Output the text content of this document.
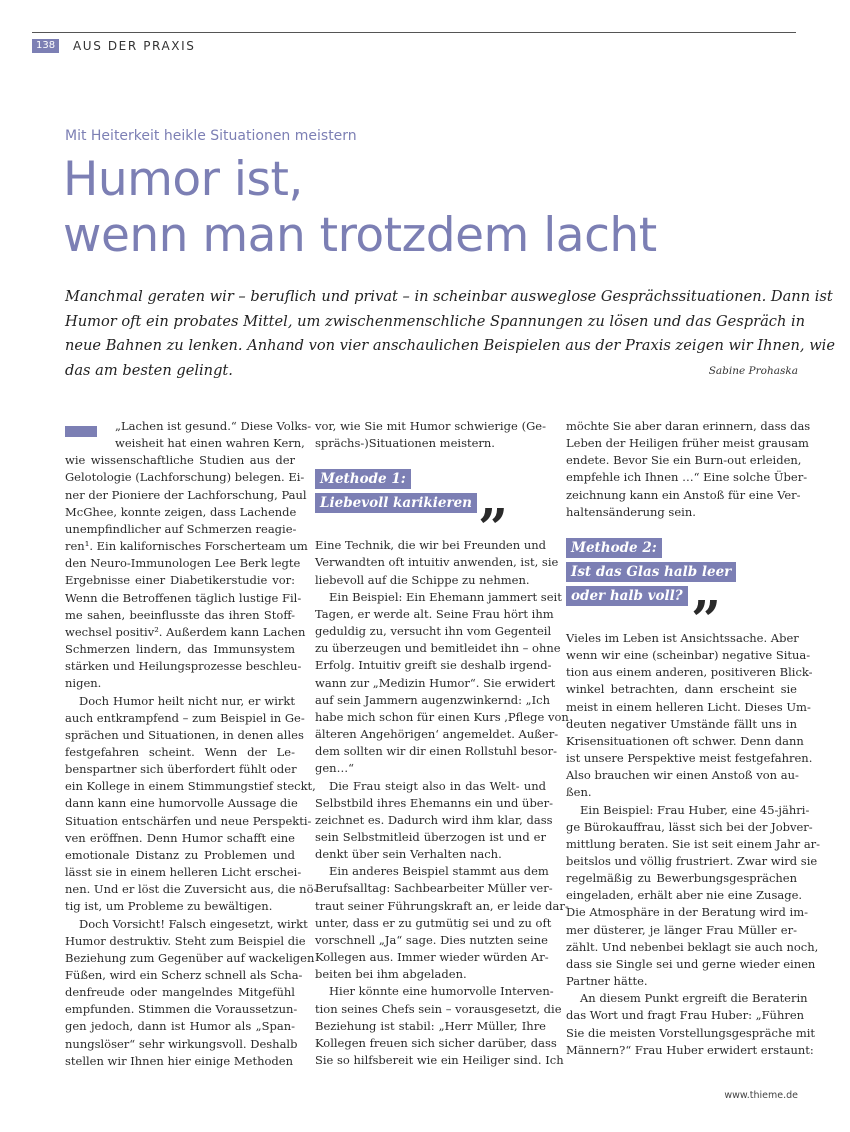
138	AUS DER PRAXIS
Mit Heiterkeit heikle Situationen meistern
Humor ist,
wenn man trotzdem lacht

Manchmal geraten wir – beruflich und privat – in scheinbar ausweglose Gesprächssituationen. Dann ist
Humor oft ein probates Mittel, um zwischenmenschliche Spannungen zu lösen und das Gespräch in
neue Bahnen zu lenken. Anhand von vier anschaulichen Beispielen aus der Praxis zeigen wir Ihnen, wie
das am besten gelingt.	Sabine Prohaska
„Lachen ist gesund.“ Diese Volks-
weisheit hat einen wahren Kern,
wie wissenschaftliche Studien aus der
Gelotologie (Lachforschung) belegen. Ei-
ner der Pioniere der Lachforschung, Paul
McGhee, konnte zeigen, dass Lachende
unempfindlicher auf Schmerzen reagie-
ren¹. Ein kalifornisches Forscherteam um
den Neuro-Immunologen Lee Berk legte
Ergebnisse einer Diabetikerstudie vor:
Wenn die Betroffenen täglich lustige Fil-
me sahen, beeinflusste das ihren Stoff-
wechsel positiv². Außerdem kann Lachen
Schmerzen lindern, das Immunsystem
stärken und Heilungsprozesse beschleu-
nigen.
Doch Humor heilt nicht nur, er wirkt
auch entkrampfend – zum Beispiel in Ge-
sprächen und Situationen, in denen alles
festgefahren scheint. Wenn der Le-
benspartner sich überfordert fühlt oder
ein Kollege in einem Stimmungstief steckt,
dann kann eine humorvolle Aussage die
Situation entschärfen und neue Perspekti-
ven eröffnen. Denn Humor schafft eine
emotionale Distanz zu Problemen und
lässt sie in einem helleren Licht erschei-
nen. Und er löst die Zuversicht aus, die nö-
tig ist, um Probleme zu bewältigen.
Doch Vorsicht! Falsch eingesetzt, wirkt
Humor destruktiv. Steht zum Beispiel die
Beziehung zum Gegenüber auf wackeligen
Füßen, wird ein Scherz schnell als Scha-
denfreude oder mangelndes Mitgefühl
empfunden. Stimmen die Voraussetzun-
gen jedoch, dann ist Humor als „Span-
nungslöser“ sehr wirkungsvoll. Deshalb
stellen wir Ihnen hier einige Methoden
vor, wie Sie mit Humor schwierige (Ge-
sprächs-)Situationen meistern.
Methode 1:
Liebevoll karikieren „
Eine Technik, die wir bei Freunden und
Verwandten oft intuitiv anwenden, ist, sie
liebevoll auf die Schippe zu nehmen.
Ein Beispiel: Ein Ehemann jammert seit
Tagen, er werde alt. Seine Frau hört ihm
geduldig zu, versucht ihn vom Gegenteil
zu überzeugen und bemitleidet ihn – ohne
Erfolg. Intuitiv greift sie deshalb irgend-
wann zur „Medizin Humor“. Sie erwidert
auf sein Jammern augenzwinkernd: „Ich
habe mich schon für einen Kurs ,Pflege von
älteren Angehörigen‘ angemeldet. Außer-
dem sollten wir dir einen Rollstuhl besor-
gen…“
Die Frau steigt also in das Welt- und
Selbstbild ihres Ehemanns ein und über-
zeichnet es. Dadurch wird ihm klar, dass
sein Selbstmitleid überzogen ist und er
denkt über sein Verhalten nach.
Ein anderes Beispiel stammt aus dem
Berufsalltag: Sachbearbeiter Müller ver-
traut seiner Führungskraft an, er leide dar-
unter, dass er zu gutmütig sei und zu oft
vorschnell „Ja“ sage. Dies nutzten seine
Kollegen aus. Immer wieder würden Ar-
beiten bei ihm abgeladen.
Hier könnte eine humorvolle Interven-
tion seines Chefs sein – vorausgesetzt, die
Beziehung ist stabil: „Herr Müller, Ihre
Kollegen freuen sich sicher darüber, dass
Sie so hilfsbereit wie ein Heiliger sind. Ich
möchte Sie aber daran erinnern, dass das
Leben der Heiligen früher meist grausam
endete. Bevor Sie ein Burn-out erleiden,
empfehle ich Ihnen …“ Eine solche Über-
zeichnung kann ein Anstoß für eine Ver-
haltensänderung sein.
Methode 2:
Ist das Glas halb leer
oder halb voll? „
Vieles im Leben ist Ansichtssache. Aber
wenn wir eine (scheinbar) negative Situa-
tion aus einem anderen, positiveren Blick-
winkel betrachten, dann erscheint sie
meist in einem helleren Licht. Dieses Um-
deuten negativer Umstände fällt uns in
Krisensituationen oft schwer. Denn dann
ist unsere Perspektive meist festgefahren.
Also brauchen wir einen Anstoß von au-
ßen.
Ein Beispiel: Frau Huber, eine 45-jähri-
ge Bürokauffrau, lässt sich bei der Jobver-
mittlung beraten. Sie ist seit einem Jahr ar-
beitslos und völlig frustriert. Zwar wird sie
regelmäßig zu Bewerbungsgesprächen
eingeladen, erhält aber nie eine Zusage.
Die Atmosphäre in der Beratung wird im-
mer düsterer, je länger Frau Müller er-
zählt. Und nebenbei beklagt sie auch noch,
dass sie Single sei und gerne wieder einen
Partner hätte.
An diesem Punkt ergreift die Beraterin
das Wort und fragt Frau Huber: „Führen
Sie die meisten Vorstellungsgespräche mit
Männern?“ Frau Huber erwidert erstaunt:
www.thieme.de
